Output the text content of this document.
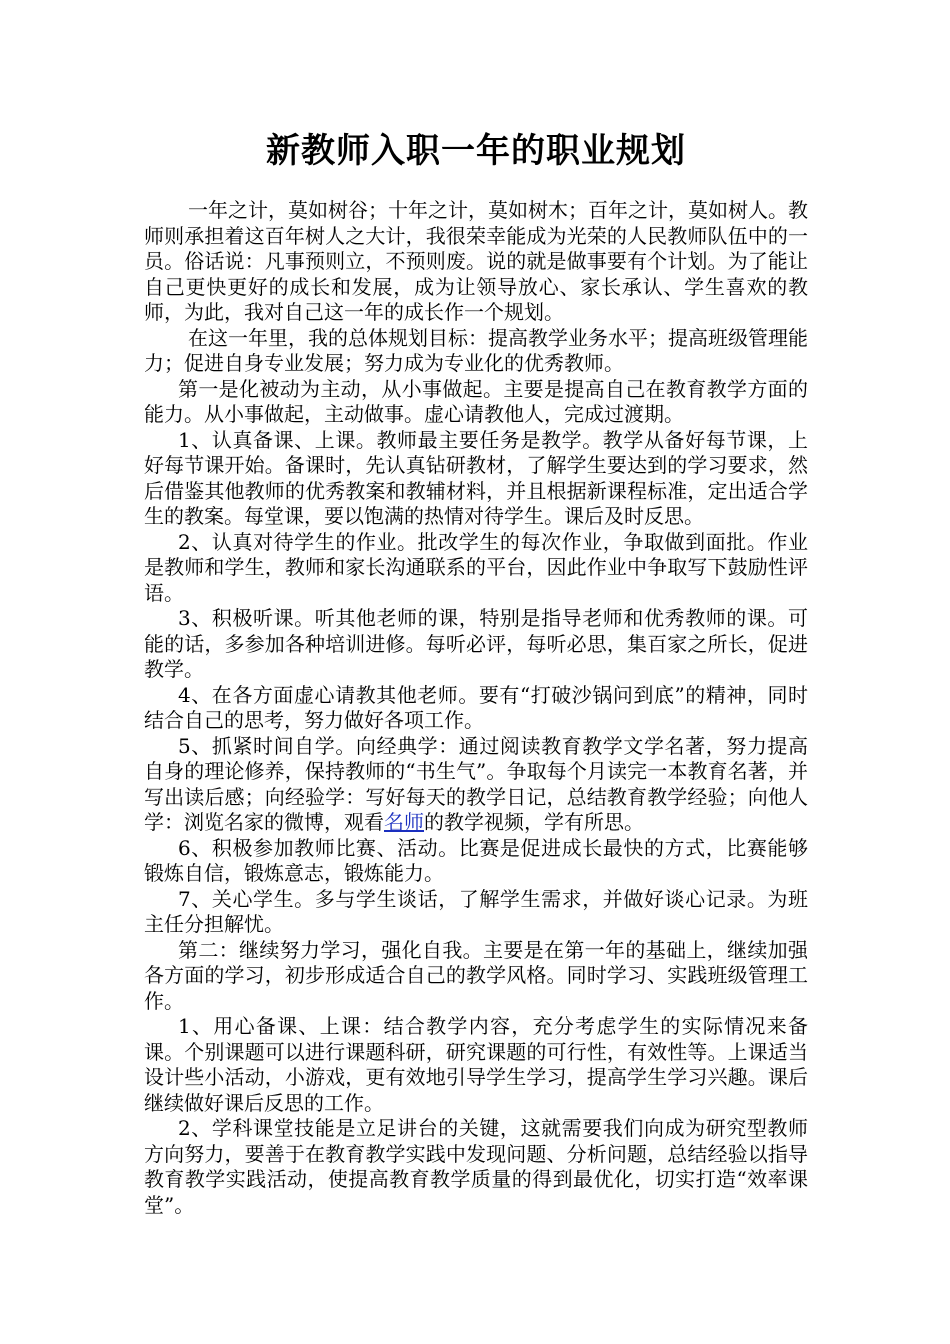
新教师入职一年的职业规划

一年之计，莫如树谷；十年之计，莫如树木；百年之计，莫如树人。教师则承担着这百年树人之大计，我很荣幸能成为光荣的人民教师队伍中的一员。俗话说：凡事预则立，不预则废。说的就是做事要有个计划。为了能让自己更快更好的成长和发展，成为让领导放心、家长承认、学生喜欢的教师，为此，我对自己这一年的成长作一个规划。

在这一年里，我的总体规划目标：提高教学业务水平；提高班级管理能力；促进自身专业发展；努力成为专业化的优秀教师。

第一是化被动为主动，从小事做起。主要是提高自己在教育教学方面的能力。从小事做起，主动做事。虚心请教他人，完成过渡期。

1、认真备课、上课。教师最主要任务是教学。教学从备好每节课，上好每节课开始。备课时，先认真钻研教材，了解学生要达到的学习要求，然后借鉴其他教师的优秀教案和教辅材料，并且根据新课程标准，定出适合学生的教案。每堂课，要以饱满的热情对待学生。课后及时反思。

2、认真对待学生的作业。批改学生的每次作业，争取做到面批。作业是教师和学生，教师和家长沟通联系的平台，因此作业中争取写下鼓励性评语。

3、积极听课。听其他老师的课，特别是指导老师和优秀教师的课。可能的话，多参加各种培训进修。每听必评，每听必思，集百家之所长，促进教学。

4、在各方面虚心请教其他老师。要有“打破沙锅问到底”的精神，同时结合自己的思考，努力做好各项工作。

5、抓紧时间自学。向经典学：通过阅读教育教学文学名著，努力提高自身的理论修养，保持教师的“书生气”。争取每个月读完一本教育名著，并写出读后感；向经验学：写好每天的教学日记，总结教育教学经验；向他人学：浏览名家的微博，观看名师的教学视频，学有所思。

6、积极参加教师比赛、活动。比赛是促进成长最快的方式，比赛能够锻炼自信，锻炼意志，锻炼能力。

7、关心学生。多与学生谈话，了解学生需求，并做好谈心记录。为班主任分担解忧。

第二：继续努力学习，强化自我。主要是在第一年的基础上，继续加强各方面的学习，初步形成适合自己的教学风格。同时学习、实践班级管理工作。

1、用心备课、上课：结合教学内容，充分考虑学生的实际情况来备课。个别课题可以进行课题科研，研究课题的可行性，有效性等。上课适当设计些小活动，小游戏，更有效地引导学生学习，提高学生学习兴趣。课后继续做好课后反思的工作。

2、学科课堂技能是立足讲台的关键，这就需要我们向成为研究型教师方向努力，要善于在教育教学实践中发现问题、分析问题，总结经验以指导教育教学实践活动，使提高教育教学质量的得到最优化，切实打造“效率课堂”。
